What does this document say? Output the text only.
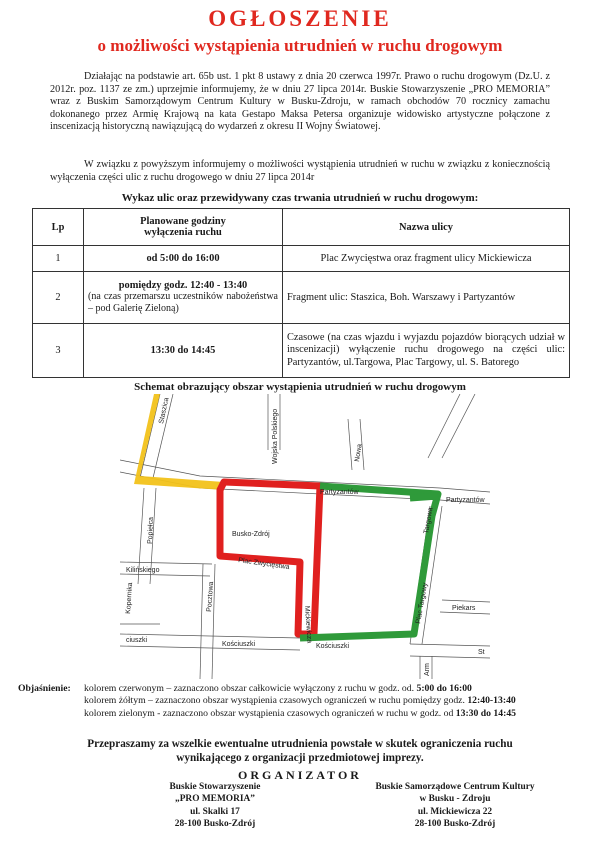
OGŁOSZENIE
o możliwości wystąpienia utrudnień w ruchu drogowym
Działając na podstawie art. 65b ust. 1 pkt 8 ustawy z dnia 20 czerwca 1997r. Prawo o ruchu drogowym (Dz.U. z 2012r. poz. 1137 ze zm.) uprzejmie informujemy, że w dniu 27 lipca 2014r. Buskie Stowarzyszenie „PRO MEMORIA” wraz z Buskim Samorządowym Centrum Kultury w Busku-Zdroju, w ramach obchodów 70 rocznicy zamachu dokonanego przez Armię Krajową na kata Gestapo Maksa Petersa organizuje widowisko artystyczne połączone z inscenizacją historyczną nawiązującą do wydarzeń z okresu II Wojny Światowej.
W związku z powyższym informujemy o możliwości wystąpienia utrudnień w ruchu w związku z koniecznością wyłączenia części ulic z ruchu drogowego w dniu 27 lipca 2014r
Wykaz ulic oraz przewidywany czas trwania utrudnień w ruchu drogowym:
Lp	Planowane godziny
wyłączenia ruchu	Nazwa ulicy
1	od 5:00 do 16:00	Plac Zwycięstwa oraz fragment ulicy Mickiewicza
2	pomiędzy godz. 12:40 - 13:40
(na czas przemarszu uczestników nabożeństwa – pod Galerię Zieloną)	Fragment ulic: Staszica, Boh. Warszawy i Partyzantów
3	13:30 do 14:45	Czasowe (na czas wjazdu i wyjazdu pojazdów biorących udział w inscenizacji) wyłączenie ruchu drogowego na części ulic: Partyzantów, ul.Targowa, Plac Targowy, ul. S. Batorego
Schemat obrazujący obszar wystąpienia utrudnień w ruchu drogowym
Staszica	Wojska Polskiego	Nowa
Partyzantów
Partyzantów
Popiełca	Busko-Zdrój
Plac Zwycięstwa
Kilińskiego
Kopernika	Pocztowa
Mickiewicza
Plac Targowy
Targowa
Piekars
ciuszki
Kościuszki	Kościuszki
St
Arm
Objaśnienie: kolorem czerwonym – zaznaczono obszar całkowicie wyłączony z ruchu w godz. od. 5:00 do 16:00
kolorem żółtym – zaznaczono obszar wystąpienia czasowych ograniczeń w ruchu pomiędzy godz. 12:40-13:40
kolorem zielonym - zaznaczono obszar wystąpienia czasowych ograniczeń w ruchu w godz. od 13:30 do 14:45
Przepraszamy za wszelkie ewentualne utrudnienia powstałe w skutek ograniczenia ruchu
wynikającego z organizacji przedmiotowej imprezy.
ORGANIZATOR
Buskie Stowarzyszenie
„PRO MEMORIA”
ul. Skalki 17
28-100 Busko-Zdrój
Buskie Samorządowe Centrum Kultury
w Busku - Zdroju
ul. Mickiewicza 22
28-100 Busko-Zdrój
